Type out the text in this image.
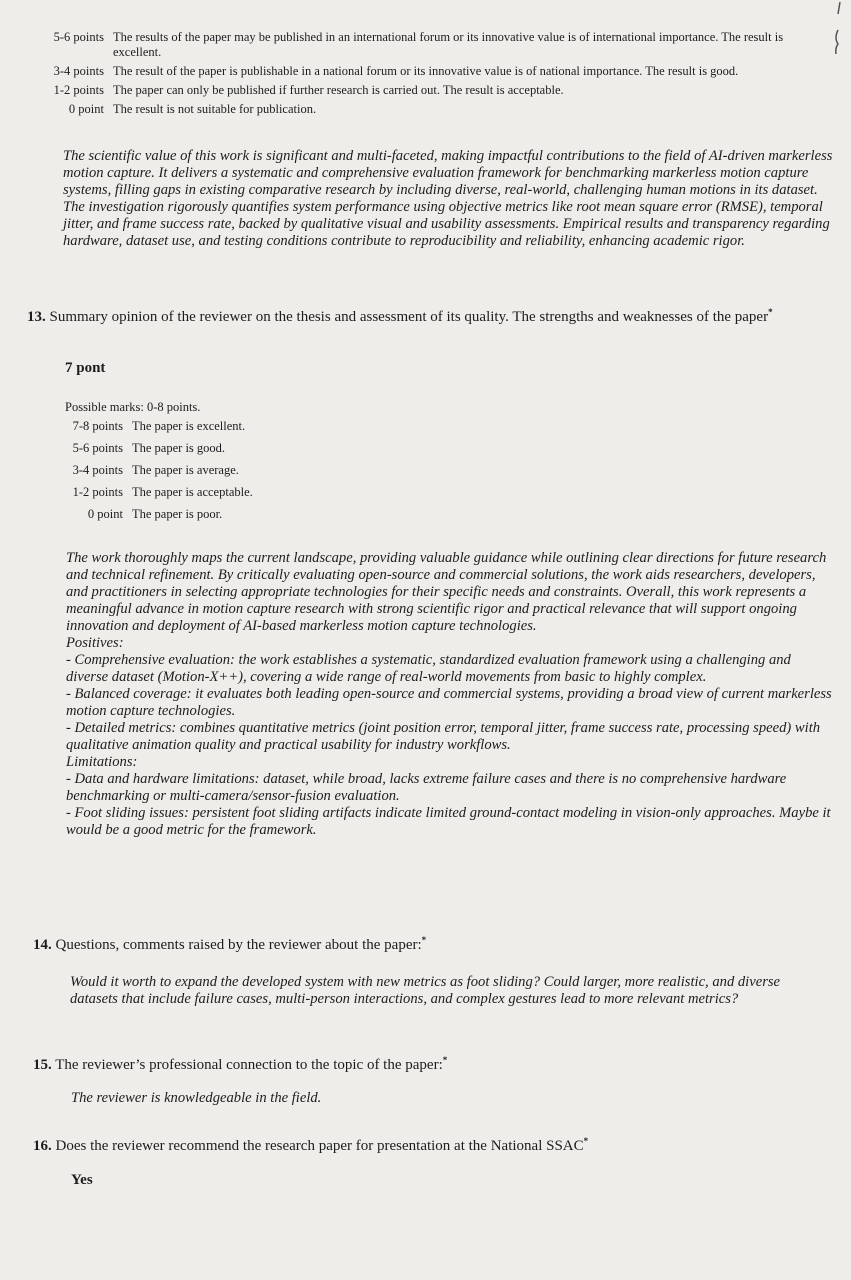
5-6 points The results of the paper may be published in an international forum or its innovative value is of international importance. The result is excellent.
3-4 points The result of the paper is publishable in a national forum or its innovative value is of national importance. The result is good.
1-2 points The paper can only be published if further research is carried out. The result is acceptable.
0 point The result is not suitable for publication.

The scientific value of this work is significant and multi-faceted, making impactful contributions to the field of AI-driven markerless motion capture. It delivers a systematic and comprehensive evaluation framework for benchmarking markerless motion capture systems, filling gaps in existing comparative research by including diverse, real-world, challenging human motions in its dataset. The investigation rigorously quantifies system performance using objective metrics like root mean square error (RMSE), temporal jitter, and frame success rate, backed by qualitative visual and usability assessments. Empirical results and transparency regarding hardware, dataset use, and testing conditions contribute to reproducibility and reliability, enhancing academic rigor.

13. Summary opinion of the reviewer on the thesis and assessment of its quality. The strengths and weaknesses of the paper*
7 pont
Possible marks: 0-8 points.
7-8 points The paper is excellent.
5-6 points The paper is good.
3-4 points The paper is average.
1-2 points The paper is acceptable.
0 point The paper is poor.

The work thoroughly maps the current landscape, providing valuable guidance while outlining clear directions for future research and technical refinement. By critically evaluating open-source and commercial solutions, the work aids researchers, developers, and practitioners in selecting appropriate technologies for their specific needs and constraints. Overall, this work represents a meaningful advance in motion capture research with strong scientific rigor and practical relevance that will support ongoing innovation and deployment of AI-based markerless motion capture technologies.

Positives:

- Comprehensive evaluation: the work establishes a systematic, standardized evaluation framework using a challenging and diverse dataset (Motion-X++), covering a wide range of real-world movements from basic to highly complex.

- Balanced coverage: it evaluates both leading open-source and commercial systems, providing a broad view of current markerless motion capture technologies.

- Detailed metrics: combines quantitative metrics (joint position error, temporal jitter, frame success rate, processing speed) with qualitative animation quality and practical usability for industry workflows.

Limitations:

- Data and hardware limitations: dataset, while broad, lacks extreme failure cases and there is no comprehensive hardware benchmarking or multi-camera/sensor-fusion evaluation.

- Foot sliding issues: persistent foot sliding artifacts indicate limited ground-contact modeling in vision-only approaches. Maybe it would be a good metric for the framework.

14. Questions, comments raised by the reviewer about the paper:*
Would it worth to expand the developed system with new metrics as foot sliding? Could larger, more realistic, and diverse datasets that include failure cases, multi-person interactions, and complex gestures lead to more relevant metrics?
15. The reviewer’s professional connection to the topic of the paper:*
The reviewer is knowledgeable in the field.
16. Does the reviewer recommend the research paper for presentation at the National SSAC*
Yes
